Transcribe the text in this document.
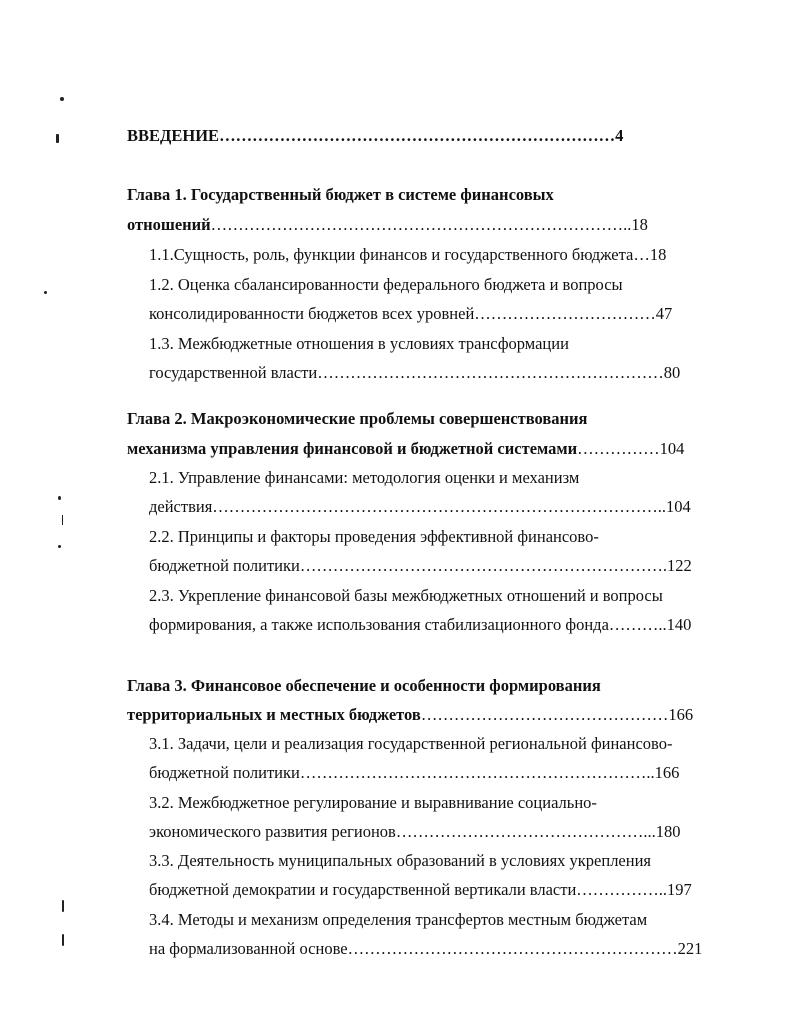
ВВЕДЕНИЕ………………………………………………………………4
Глава 1. Государственный бюджет в системе финансовых
отношений…………………………………………………………………..18
1.1.Сущность, роль, функции финансов и государственного бюджета…18
1.2. Оценка сбалансированности федерального бюджета и вопросы
консолидированности бюджетов всех уровней……………………………47
1.3. Межбюджетные отношения в условиях трансформации
государственной власти………………………………………………………80
Глава 2. Макроэкономические проблемы совершенствования
механизма управления финансовой и бюджетной системами……………104
2.1. Управление финансами: методология оценки и механизм
действия………………………………………………………………………..104
2.2. Принципы и факторы проведения эффективной финансово-
бюджетной политики………………………………………………………….122
2.3. Укрепление финансовой базы межбюджетных отношений и вопросы
формирования, а также использования стабилизационного фонда………..140
Глава 3. Финансовое обеспечение и особенности формирования
территориальных и местных бюджетов………………………………………166
3.1. Задачи, цели и реализация государственной региональной финансово-
бюджетной политики………………………………………………………..166
3.2. Межбюджетное регулирование и выравнивание социально-
экономического развития регионов………………………………………...180
3.3. Деятельность муниципальных образований в условиях укрепления
бюджетной демократии и государственной вертикали власти……………..197
3.4. Методы и механизм определения трансфертов местным бюджетам
на формализованной основе……………………………………………………221
